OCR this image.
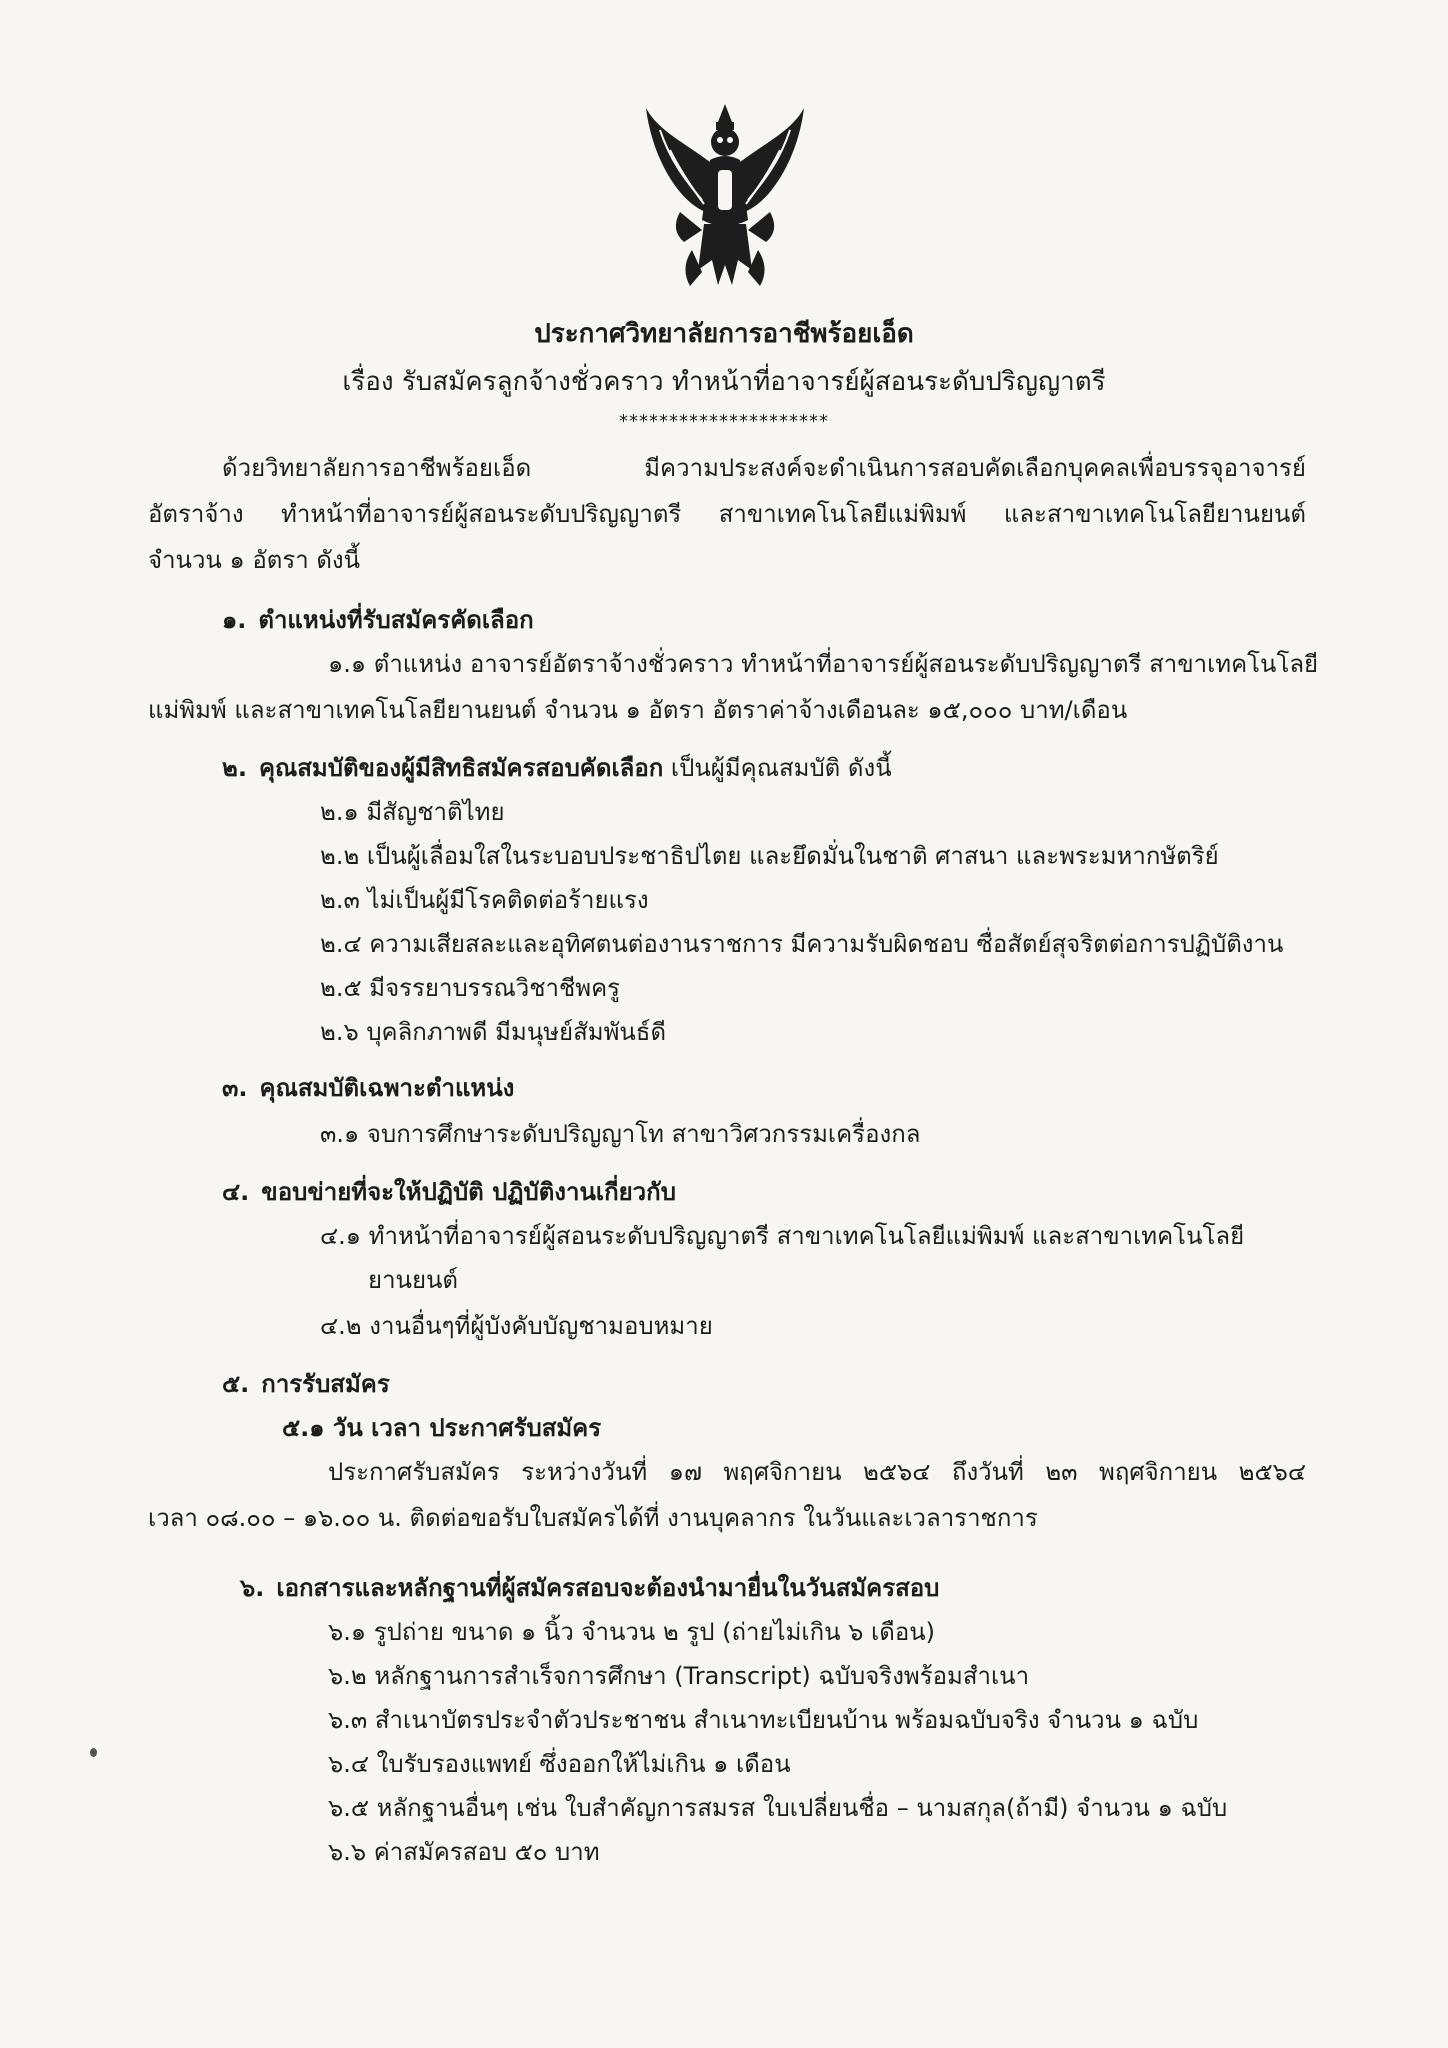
ประกาศวิทยาลัยการอาชีพร้อยเอ็ด
เรื่อง รับสมัครลูกจ้างชั่วคราว ทำหน้าที่อาจารย์ผู้สอนระดับปริญญาตรี
*********************
ด้วยวิทยาลัยการอาชีพร้อยเอ็ด มีความประสงค์จะดำเนินการสอบคัดเลือกบุคคลเพื่อบรรจุอาจารย์
อัตราจ้าง ทำหน้าที่อาจารย์ผู้สอนระดับปริญญาตรี สาขาเทคโนโลยีแม่พิมพ์ และสาขาเทคโนโลยียานยนต์
จำนวน ๑ อัตรา ดังนี้
๑. ตำแหน่งที่รับสมัครคัดเลือก
๑.๑ ตำแหน่ง อาจารย์อัตราจ้างชั่วคราว ทำหน้าที่อาจารย์ผู้สอนระดับปริญญาตรี สาขาเทคโนโลยี
แม่พิมพ์ และสาขาเทคโนโลยียานยนต์ จำนวน ๑ อัตรา อัตราค่าจ้างเดือนละ ๑๕,๐๐๐ บาท/เดือน
๒. คุณสมบัติของผู้มีสิทธิสมัครสอบคัดเลือก เป็นผู้มีคุณสมบัติ ดังนี้
๒.๑ มีสัญชาติไทย
๒.๒ เป็นผู้เลื่อมใสในระบอบประชาธิปไตย และยึดมั่นในชาติ ศาสนา และพระมหากษัตริย์
๒.๓ ไม่เป็นผู้มีโรคติดต่อร้ายแรง
๒.๔ ความเสียสละและอุทิศตนต่องานราชการ มีความรับผิดชอบ ซื่อสัตย์สุจริตต่อการปฏิบัติงาน
๒.๕ มีจรรยาบรรณวิชาชีพครู
๒.๖ บุคลิกภาพดี มีมนุษย์สัมพันธ์ดี
๓. คุณสมบัติเฉพาะตำแหน่ง
๓.๑ จบการศึกษาระดับปริญญาโท สาขาวิศวกรรมเครื่องกล
๔. ขอบข่ายที่จะให้ปฏิบัติ ปฏิบัติงานเกี่ยวกับ
๔.๑ ทำหน้าที่อาจารย์ผู้สอนระดับปริญญาตรี สาขาเทคโนโลยีแม่พิมพ์ และสาขาเทคโนโลยี
ยานยนต์
๔.๒ งานอื่นๆที่ผู้บังคับบัญชามอบหมาย
๕. การรับสมัคร
๕.๑ วัน เวลา ประกาศรับสมัคร
ประกาศรับสมัคร ระหว่างวันที่ ๑๗ พฤศจิกายน ๒๕๖๔ ถึงวันที่ ๒๓ พฤศจิกายน ๒๕๖๔
เวลา ๐๘.๐๐ – ๑๖.๐๐ น. ติดต่อขอรับใบสมัครได้ที่ งานบุคลากร ในวันและเวลาราชการ
๖. เอกสารและหลักฐานที่ผู้สมัครสอบจะต้องนำมายื่นในวันสมัครสอบ
๖.๑ รูปถ่าย ขนาด ๑ นิ้ว จำนวน ๒ รูป (ถ่ายไม่เกิน ๖ เดือน)
๖.๒ หลักฐานการสำเร็จการศึกษา (Transcript) ฉบับจริงพร้อมสำเนา
๖.๓ สำเนาบัตรประจำตัวประชาชน สำเนาทะเบียนบ้าน พร้อมฉบับจริง จำนวน ๑ ฉบับ
๖.๔ ใบรับรองแพทย์ ซึ่งออกให้ไม่เกิน ๑ เดือน
๖.๕ หลักฐานอื่นๆ เช่น ใบสำคัญการสมรส ใบเปลี่ยนชื่อ – นามสกุล(ถ้ามี) จำนวน ๑ ฉบับ
๖.๖ ค่าสมัครสอบ ๕๐ บาท
